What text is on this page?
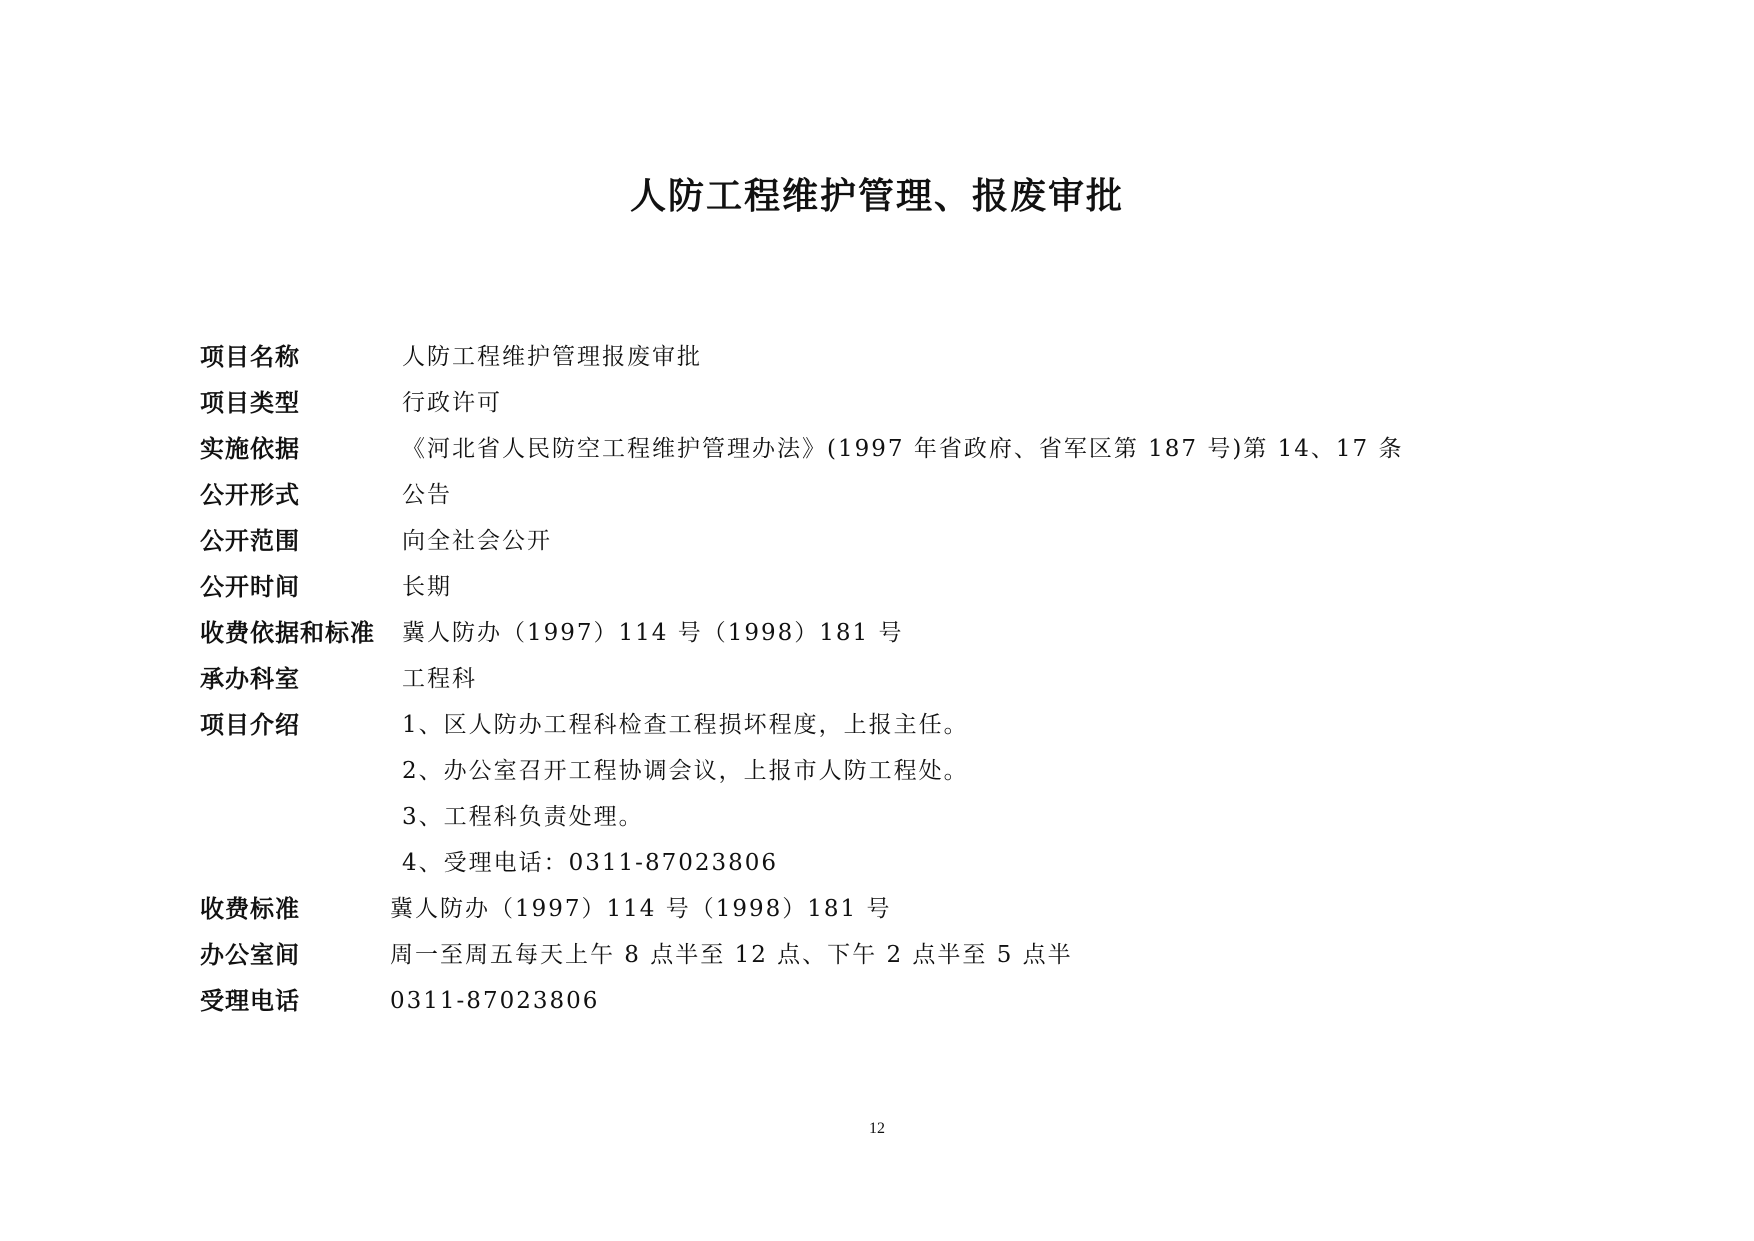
人防工程维护管理、报废审批
项目名称	人防工程维护管理报废审批
项目类型	行政许可
实施依据	《河北省人民防空工程维护管理办法》(1997 年省政府、省军区第 187 号)第 14、17 条
公开形式	公告
公开范围	向全社会公开
公开时间	长期
收费依据和标准 冀人防办（1997）114 号（1998）181 号
承办科室	工程科
项目介绍	1、区人防办工程科检查工程损坏程度，上报主任。
2、办公室召开工程协调会议，上报市人防工程处。
3、工程科负责处理。
4、受理电话：0311-87023806
收费标准	冀人防办（1997）114 号（1998）181 号
办公室间	周一至周五每天上午 8 点半至 12 点、下午 2 点半至 5 点半
受理电话	0311-87023806
12
